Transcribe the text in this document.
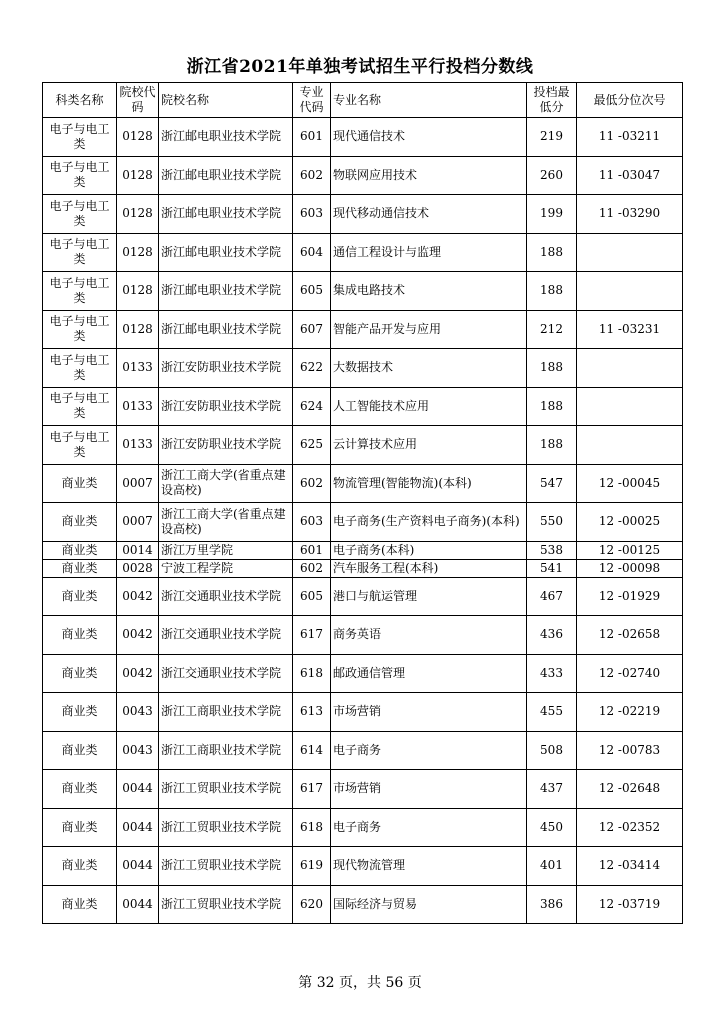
浙江省2021年单独考试招生平行投档分数线
科类名称	院校代码	院校名称	专业代码	专业名称	投档最低分	最低分位次号
电子与电工类	0128	浙江邮电职业技术学院	601	现代通信技术	219	11 -03211
电子与电工类	0128	浙江邮电职业技术学院	602	物联网应用技术	260	11 -03047
电子与电工类	0128	浙江邮电职业技术学院	603	现代移动通信技术	199	11 -03290
电子与电工类	0128	浙江邮电职业技术学院	604	通信工程设计与监理	188	
电子与电工类	0128	浙江邮电职业技术学院	605	集成电路技术	188	
电子与电工类	0128	浙江邮电职业技术学院	607	智能产品开发与应用	212	11 -03231
电子与电工类	0133	浙江安防职业技术学院	622	大数据技术	188	
电子与电工类	0133	浙江安防职业技术学院	624	人工智能技术应用	188	
电子与电工类	0133	浙江安防职业技术学院	625	云计算技术应用	188	
商业类	0007	浙江工商大学(省重点建设高校)	602	物流管理(智能物流)(本科)	547	12 -00045
商业类	0007	浙江工商大学(省重点建设高校)	603	电子商务(生产资料电子商务)(本科)	550	12 -00025
商业类	0014	浙江万里学院	601	电子商务(本科)	538	12 -00125
商业类	0028	宁波工程学院	602	汽车服务工程(本科)	541	12 -00098
商业类	0042	浙江交通职业技术学院	605	港口与航运管理	467	12 -01929
商业类	0042	浙江交通职业技术学院	617	商务英语	436	12 -02658
商业类	0042	浙江交通职业技术学院	618	邮政通信管理	433	12 -02740
商业类	0043	浙江工商职业技术学院	613	市场营销	455	12 -02219
商业类	0043	浙江工商职业技术学院	614	电子商务	508	12 -00783
商业类	0044	浙江工贸职业技术学院	617	市场营销	437	12 -02648
商业类	0044	浙江工贸职业技术学院	618	电子商务	450	12 -02352
商业类	0044	浙江工贸职业技术学院	619	现代物流管理	401	12 -03414
商业类	0044	浙江工贸职业技术学院	620	国际经济与贸易	386	12 -03719
第 32 页，共 56 页
